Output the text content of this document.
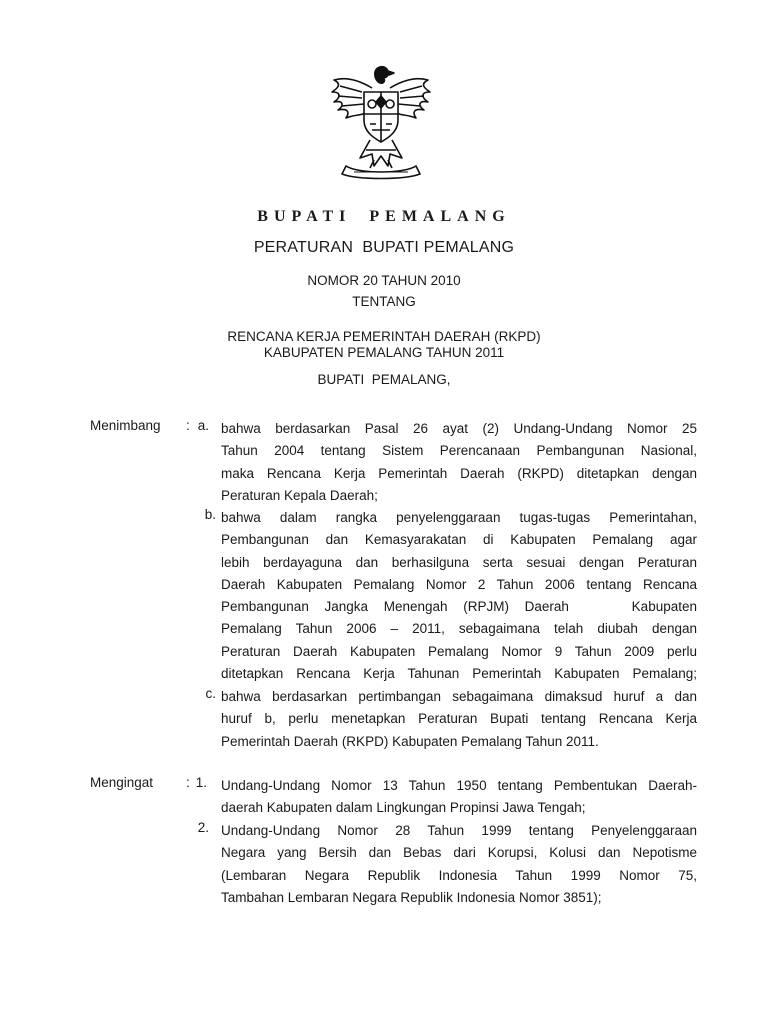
BUPATI PEMALANG
PERATURAN  BUPATI PEMALANG
NOMOR 20 TAHUN 2010
TENTANG
RENCANA KERJA PEMERINTAH DAERAH (RKPD)
KABUPATEN PEMALANG TAHUN 2011
BUPATI  PEMALANG,
Menimbang : a. bahwa berdasarkan Pasal 26 ayat (2) Undang-Undang Nomor 25
Tahun 2004 tentang Sistem Perencanaan Pembangunan Nasional,
maka Rencana Kerja Pemerintah Daerah (RKPD) ditetapkan dengan
Peraturan Kepala Daerah;
b. bahwa dalam rangka penyelenggaraan tugas-tugas Pemerintahan,
Pembangunan dan Kemasyarakatan di Kabupaten Pemalang agar
lebih berdayaguna dan berhasilguna serta sesuai dengan Peraturan
Daerah Kabupaten Pemalang Nomor 2 Tahun 2006 tentang Rencana
Pembangunan Jangka Menengah (RPJM) Daerah    Kabupaten
Pemalang Tahun 2006 – 2011, sebagaimana telah diubah dengan
Peraturan Daerah Kabupaten Pemalang Nomor 9 Tahun 2009 perlu
ditetapkan Rencana Kerja Tahunan Pemerintah Kabupaten Pemalang;
c. bahwa berdasarkan pertimbangan sebagaimana dimaksud huruf a dan
huruf b, perlu menetapkan Peraturan Bupati tentang Rencana Kerja
Pemerintah Daerah (RKPD) Kabupaten Pemalang Tahun 2011.
Mengingat : 1. Undang-Undang Nomor 13 Tahun 1950 tentang Pembentukan Daerah-
daerah Kabupaten dalam Lingkungan Propinsi Jawa Tengah;
2. Undang-Undang Nomor 28 Tahun 1999 tentang Penyelenggaraan
Negara yang Bersih dan Bebas dari Korupsi, Kolusi dan Nepotisme
(Lembaran Negara Republik Indonesia Tahun 1999 Nomor 75,
Tambahan Lembaran Negara Republik Indonesia Nomor 3851);
